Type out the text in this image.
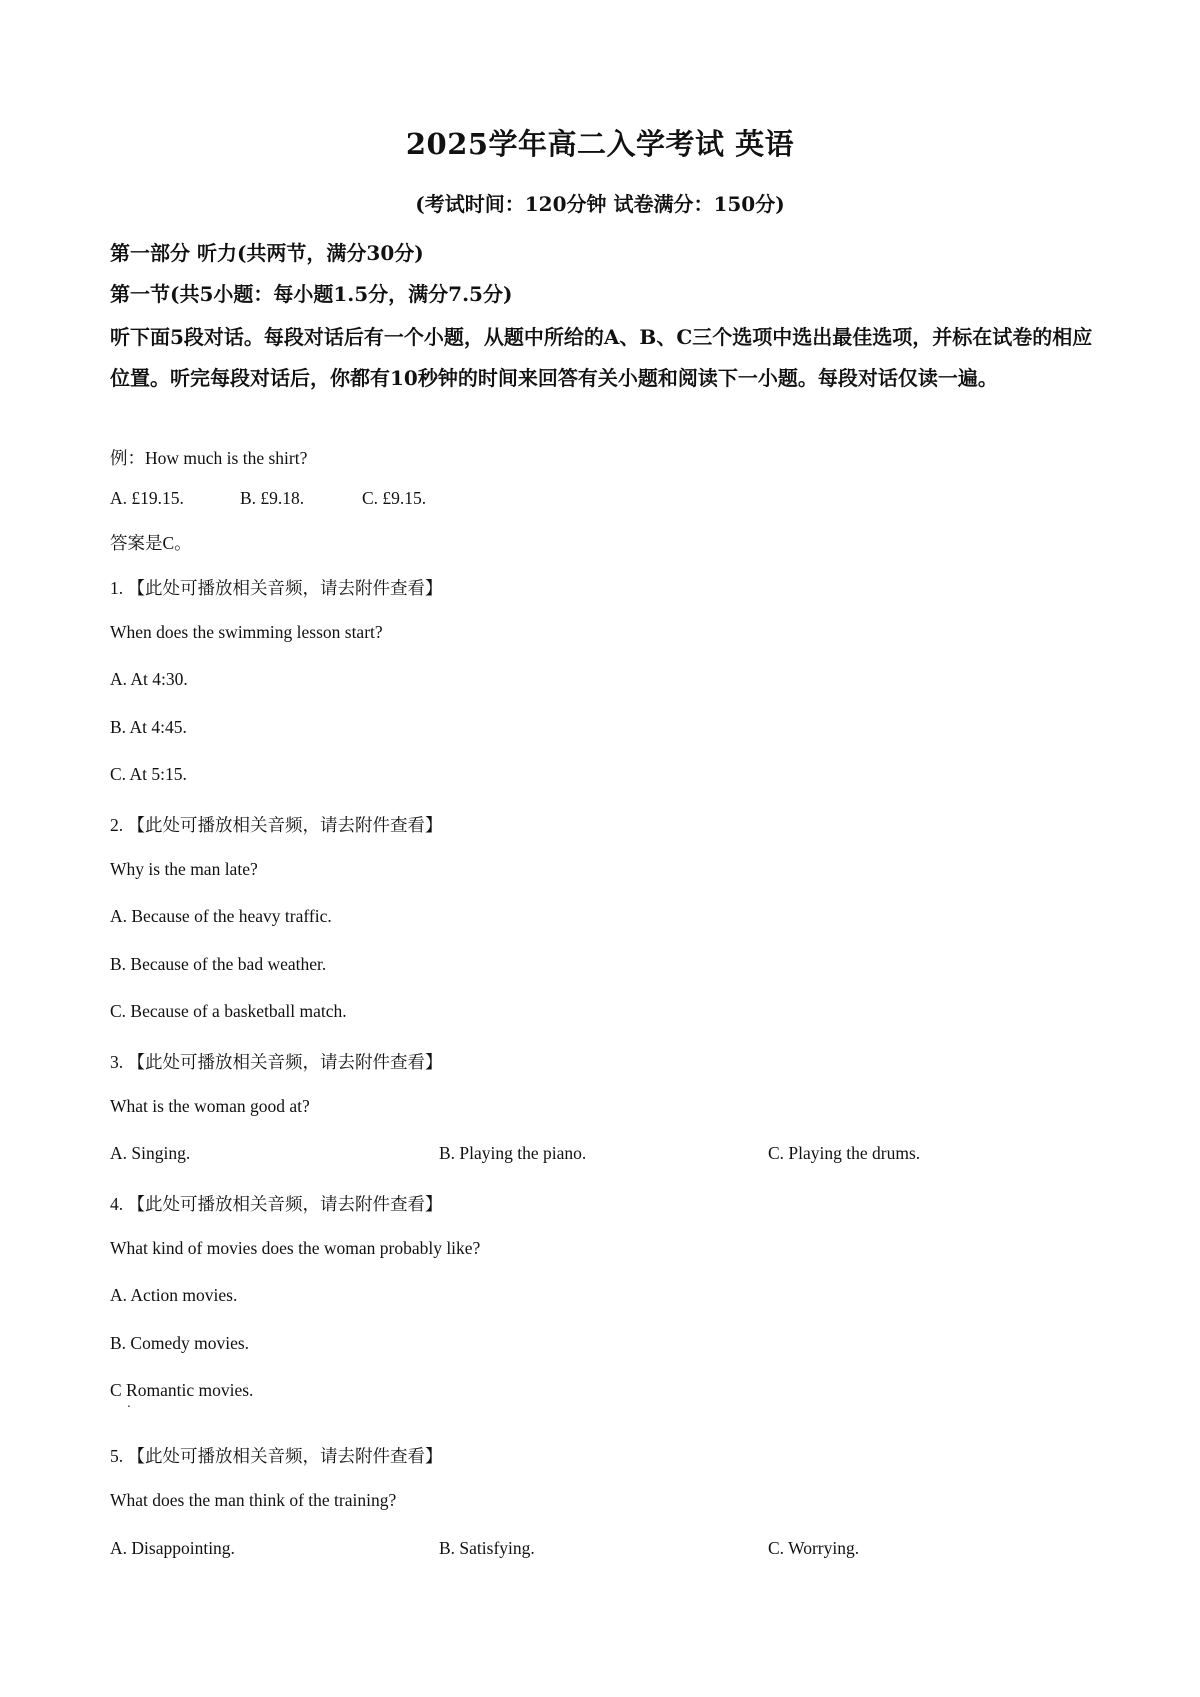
2025学年高二入学考试 英语
(考试时间：120分钟 试卷满分：150分)
第一部分 听力(共两节，满分30分)
第一节(共5小题：每小题1.5分，满分7.5分)
听下面5段对话。每段对话后有一个小题，从题中所给的A、B、C三个选项中选出最佳选项，并标在试卷的相应位置。听完每段对话后，你都有10秒钟的时间来回答有关小题和阅读下一小题。每段对话仅读一遍。
例：How much is the shirt?
A. £19.15.	B. £9.18.	C. £9.15.
答案是C。
1. 【此处可播放相关音频，请去附件查看】
When does the swimming lesson start?
A. At 4:30.
B. At 4:45.
C. At 5:15.
2. 【此处可播放相关音频，请去附件查看】
Why is the man late?
A. Because of the heavy traffic.
B. Because of the bad weather.
C. Because of a basketball match.
3. 【此处可播放相关音频，请去附件查看】
What is the woman good at?
A. Singing.	B. Playing the piano.	C. Playing the drums.
4. 【此处可播放相关音频，请去附件查看】
What kind of movies does the woman probably like?
A. Action movies.
B. Comedy movies.
C Romantic movies.
.
5. 【此处可播放相关音频，请去附件查看】
What does the man think of the training?
A. Disappointing.	B. Satisfying.	C. Worrying.
